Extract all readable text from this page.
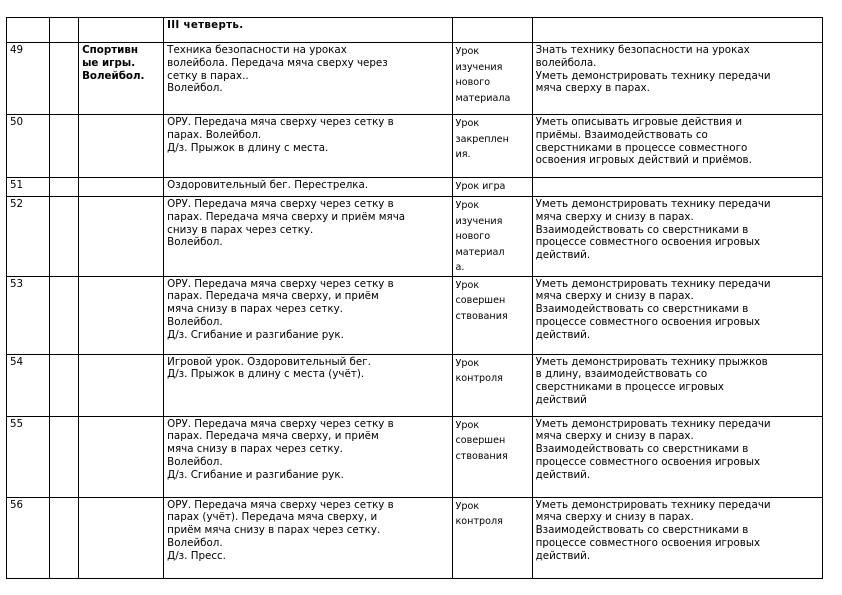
			III четверть.		
49		Спортивн
ые игры.
Волейбол.	Техника безопасности на уроках
волейбола. Передача мяча сверху через
сетку в парах..
Волейбол.	Урок
изучения
нового
материала	Знать технику безопасности на уроках
волейбола.
Уметь демонстрировать технику передачи
мяча сверху в парах.

50			ОРУ. Передача мяча сверху через сетку в
парах. Волейбол.
Д/з. Прыжок в длину с места.	Урок
закреплен
ия.	Уметь описывать игровые действия и
приёмы. Взаимодействовать со
сверстниками в процессе совместного
освоения игровых действий и приёмов.

51			Оздоровительный бег. Перестрелка.	Урок игра	

52			ОРУ. Передача мяча сверху через сетку в
парах. Передача мяча сверху и приём мяча
снизу в парах через сетку.
Волейбол.	Урок
изучения
нового
материал
а.	Уметь демонстрировать технику передачи
мяча сверху и снизу в парах.
Взаимодействовать со сверстниками в
процессе совместного освоения игровых
действий.

53			ОРУ. Передача мяча сверху через сетку в
парах. Передача мяча сверху, и приём
мяча снизу в парах через сетку.
Волейбол.
Д/з. Сгибание и разгибание рук.	Урок
совершен
ствования	Уметь демонстрировать технику передачи
мяча сверху и снизу в парах.
Взаимодействовать со сверстниками в
процессе совместного освоения игровых
действий.

54			Игровой урок. Оздоровительный бег.
Д/з. Прыжок в длину с места (учёт).	Урок
контроля	Уметь демонстрировать технику прыжков
в длину, взаимодействовать со
сверстниками в процессе игровых
действий

55			ОРУ. Передача мяча сверху через сетку в
парах. Передача мяча сверху, и приём
мяча снизу в парах через сетку.
Волейбол.
Д/з. Сгибание и разгибание рук.	Урок
совершен
ствования	Уметь демонстрировать технику передачи
мяча сверху и снизу в парах.
Взаимодействовать со сверстниками в
процессе совместного освоения игровых
действий.

56			ОРУ. Передача мяча сверху через сетку в
парах (учёт). Передача мяча сверху, и
приём мяча снизу в парах через сетку.
Волейбол.
Д/з. Пресс.	Урок
контроля	Уметь демонстрировать технику передачи
мяча сверху и снизу в парах.
Взаимодействовать со сверстниками в
процессе совместного освоения игровых
действий.
